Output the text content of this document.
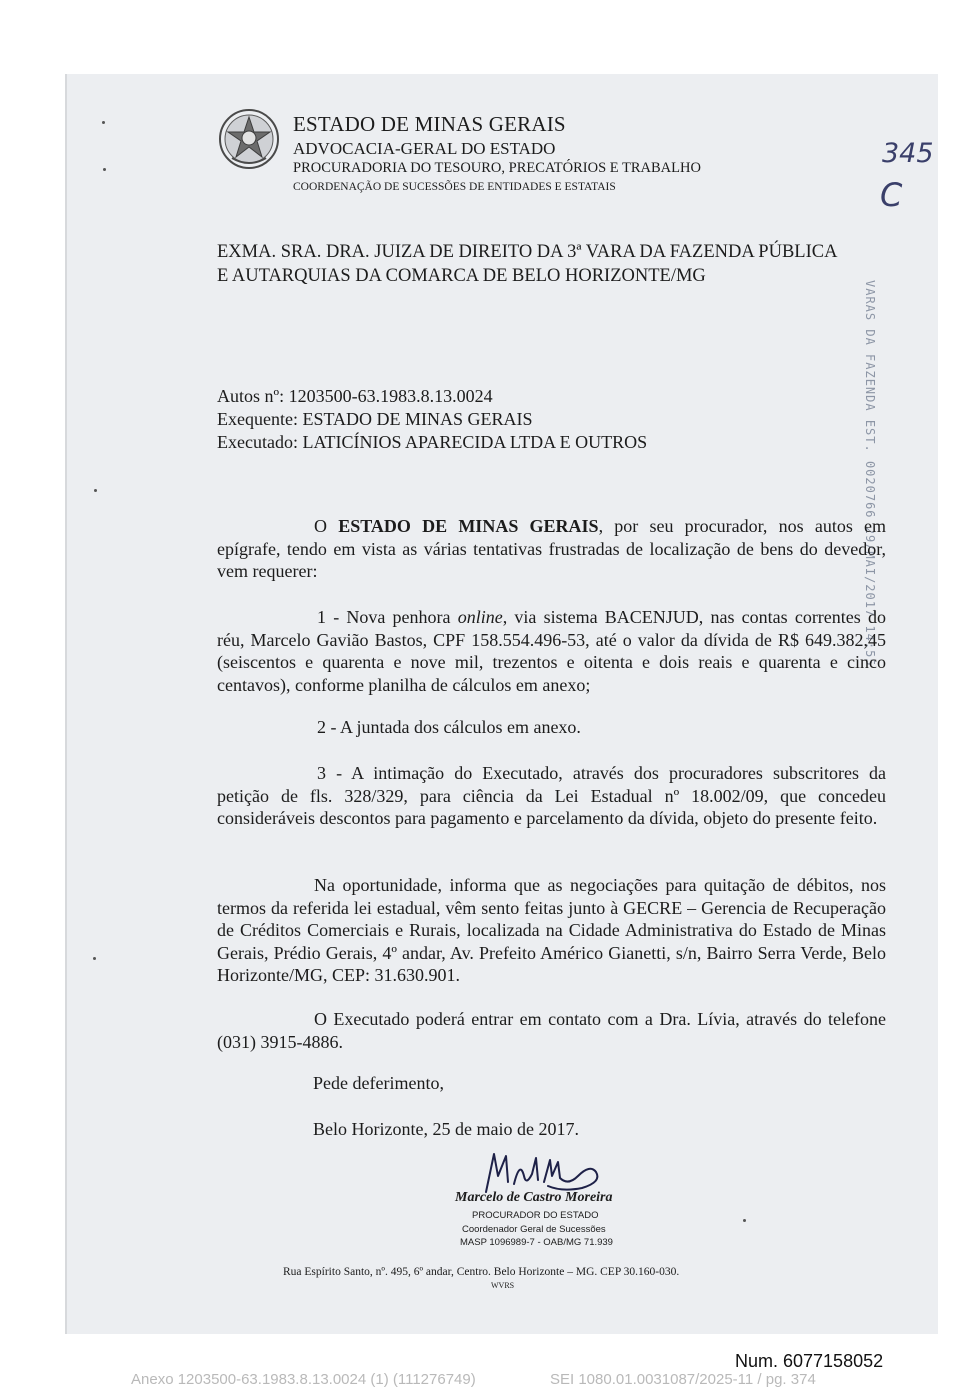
ESTADO DE MINAS GERAIS
ADVOCACIA-GERAL DO ESTADO
PROCURADORIA DO TESOURO, PRECATÓRIOS E TRABALHO
COORDENAÇÃO DE SUCESSÕES DE ENTIDADES E ESTATAIS
345
C
VARAS DA FAZENDA EST. 0020766 29/MAI/2017 14:55
EXMA. SRA. DRA. JUIZA DE DIREITO DA 3ª VARA DA FAZENDA PÚBLICA
E AUTARQUIAS DA COMARCA DE BELO HORIZONTE/MG
Autos nº: 1203500-63.1983.8.13.0024
Exequente: ESTADO DE MINAS GERAIS
Executado: LATICÍNIOS APARECIDA LTDA E OUTROS
O ESTADO DE MINAS GERAIS, por seu procurador, nos autos em epígrafe, tendo em vista as várias tentativas frustradas de localização de bens do devedor, vem requerer:
1 - Nova penhora online, via sistema BACENJUD, nas contas correntes do réu, Marcelo Gavião Bastos, CPF 158.554.496-53, até o valor da dívida de R$ 649.382,45 (seiscentos e quarenta e nove mil, trezentos e oitenta e dois reais e quarenta e cinco centavos), conforme planilha de cálculos em anexo;
2 - A juntada dos cálculos em anexo.
3 - A intimação do Executado, através dos procuradores subscritores da petição de fls. 328/329, para ciência da Lei Estadual nº 18.002/09, que concedeu consideráveis descontos para pagamento e parcelamento da dívida, objeto do presente feito.
Na oportunidade, informa que as negociações para quitação de débitos, nos termos da referida lei estadual, vêm sento feitas junto à GECRE – Gerencia de Recuperação de Créditos Comerciais e Rurais, localizada na Cidade Administrativa do Estado de Minas Gerais, Prédio Gerais, 4º andar, Av. Prefeito Américo Gianetti, s/n, Bairro Serra Verde, Belo Horizonte/MG, CEP: 31.630.901.
O Executado poderá entrar em contato com a Dra. Lívia, através do telefone (031) 3915-4886.
Pede deferimento,
Belo Horizonte, 25 de maio de 2017.
Marcelo de Castro Moreira
PROCURADOR DO ESTADO
Coordenador Geral de Sucessões
MASP 1096989-7 - OAB/MG 71.939
Rua Espírito Santo, nº. 495, 6º andar, Centro. Belo Horizonte – MG. CEP 30.160-030.
WVRS
Num. 6077158052
Anexo 1203500-63.1983.8.13.0024 (1) (111276749)	SEI 1080.01.0031087/2025-11 / pg. 374
